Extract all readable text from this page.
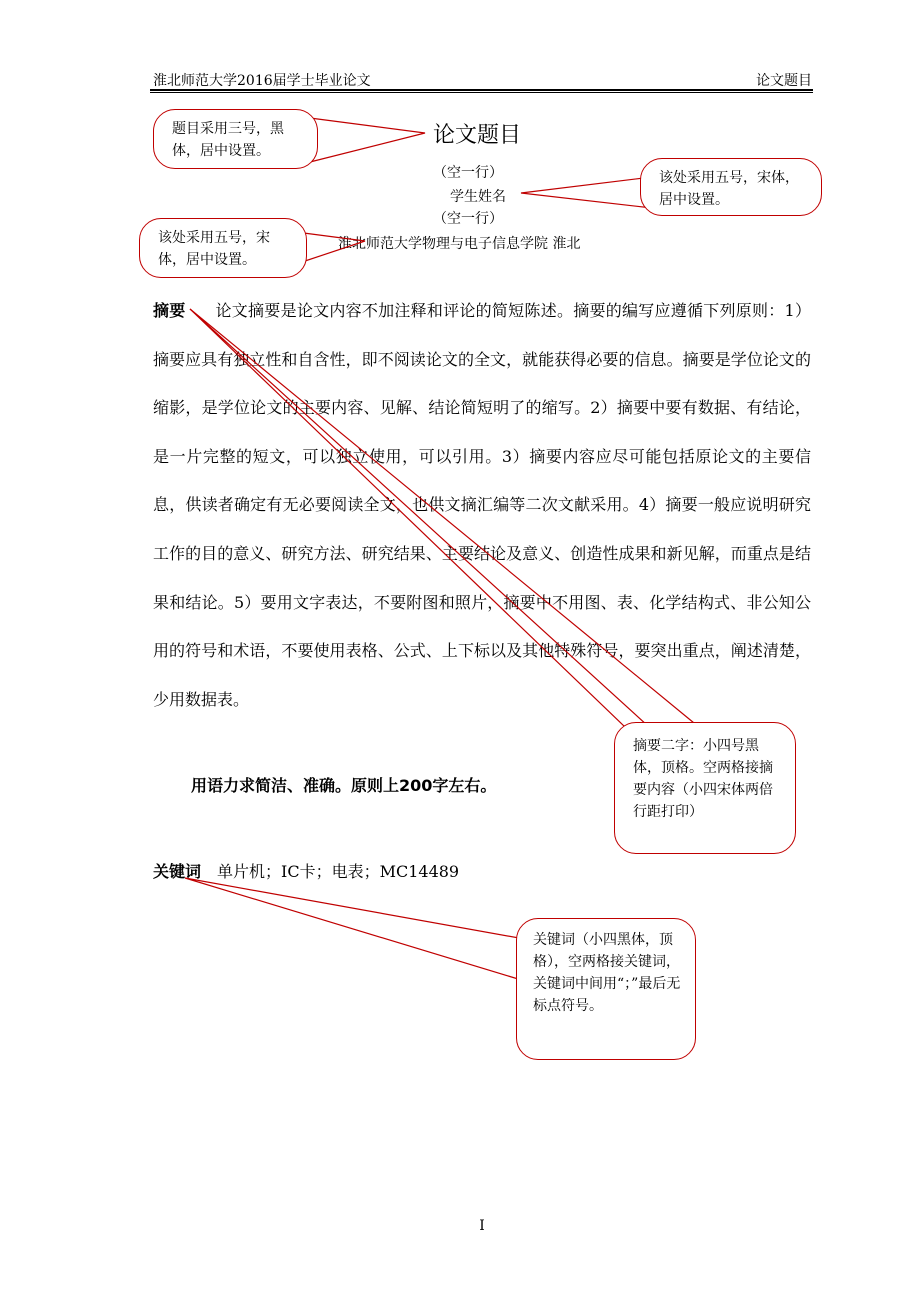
淮北师范大学2016届学士毕业论文	论文题目
论文题目
（空一行）
学生姓名
（空一行）
淮北师范大学物理与电子信息学院 淮北
摘要 论文摘要是论文内容不加注释和评论的简短陈述。摘要的编写应遵循下列原则：1）摘要应具有独立性和自含性，即不阅读论文的全文，就能获得必要的信息。摘要是学位论文的缩影，是学位论文的主要内容、见解、结论简短明了的缩写。2）摘要中要有数据、有结论，是一片完整的短文，可以独立使用，可以引用。3）摘要内容应尽可能包括原论文的主要信息，供读者确定有无必要阅读全文，也供文摘汇编等二次文献采用。4）摘要一般应说明研究工作的目的意义、研究方法、研究结果、主要结论及意义、创造性成果和新见解，而重点是结果和结论。5）要用文字表达，不要附图和照片，摘要中不用图、表、化学结构式、非公知公用的符号和术语，不要使用表格、公式、上下标以及其他特殊符号，要突出重点，阐述清楚，少用数据表。
用语力求简洁、准确。原则上200字左右。
关键词 单片机；IC卡；电表；MC14489
题目采用三号，黑体，居中设置。
该处采用五号，宋体，居中设置。
该处采用五号，宋体，居中设置。
摘要二字：小四号黑体，顶格。空两格接摘要内容（小四宋体两倍行距打印）
关键词（小四黑体，顶格），空两格接关键词，关键词中间用“；”最后无标点符号。
I
